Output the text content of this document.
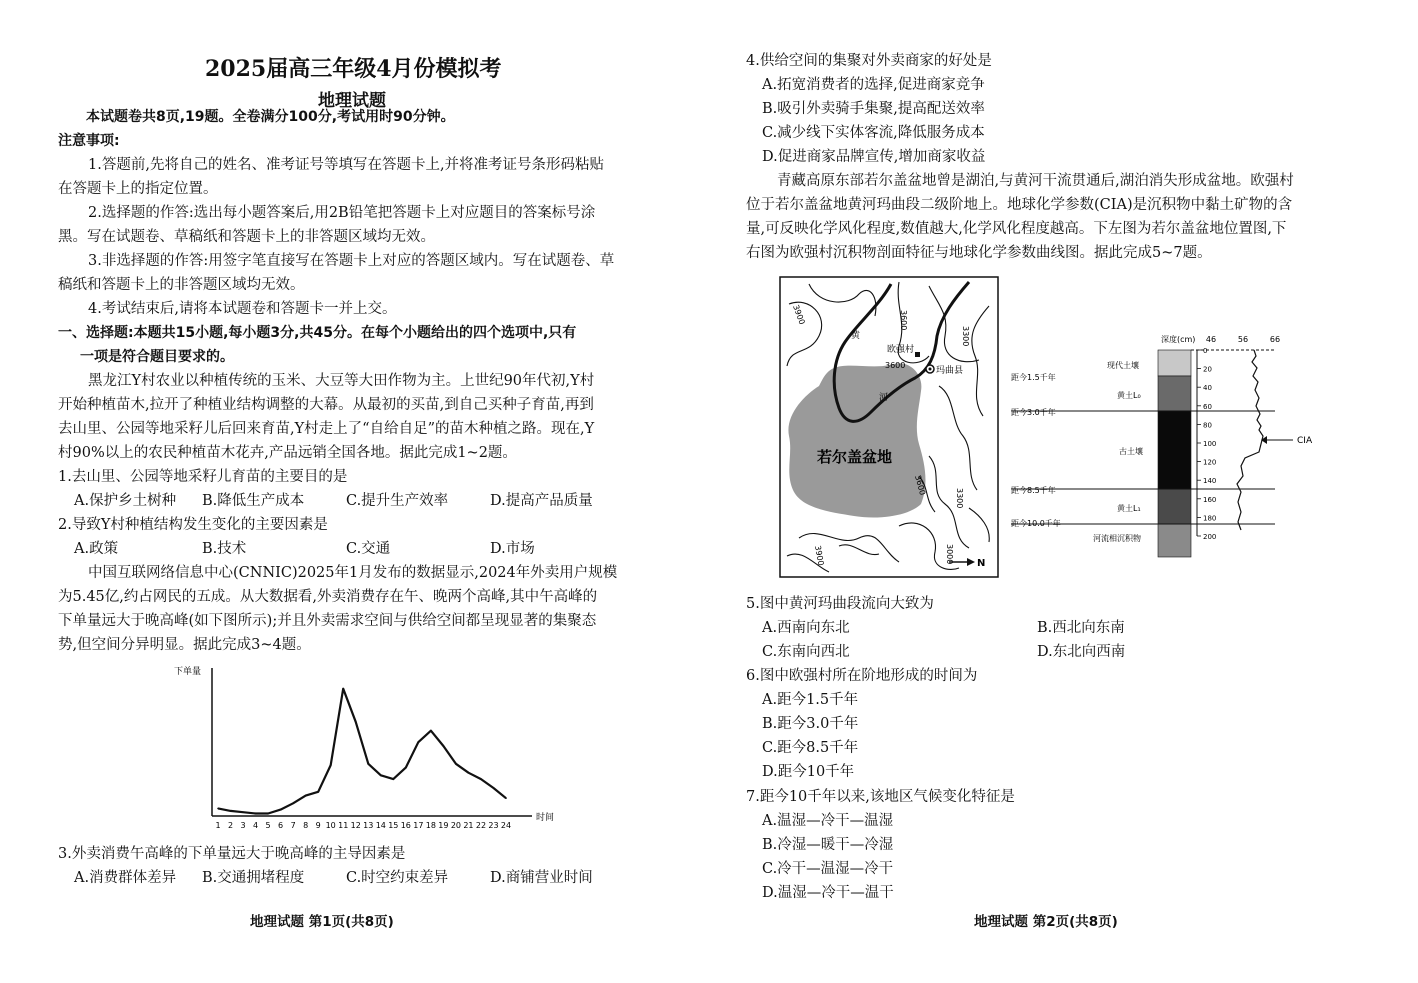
2025届高三年级4月份模拟考
地理试题
本试题卷共8页,19题。全卷满分100分,考试用时90分钟。
注意事项:
1.答题前,先将自己的姓名、准考证号等填写在答题卡上,并将准考证号条形码粘贴
在答题卡上的指定位置。
2.选择题的作答:选出每小题答案后,用2B铅笔把答题卡上对应题目的答案标号涂
黑。写在试题卷、草稿纸和答题卡上的非答题区域均无效。
3.非选择题的作答:用签字笔直接写在答题卡上对应的答题区域内。写在试题卷、草
稿纸和答题卡上的非答题区域均无效。
4.考试结束后,请将本试题卷和答题卡一并上交。
一、选择题:本题共15小题,每小题3分,共45分。在每个小题给出的四个选项中,只有
一项是符合题目要求的。
黑龙江Y村农业以种植传统的玉米、大豆等大田作物为主。上世纪90年代初,Y村
开始种植苗木,拉开了种植业结构调整的大幕。从最初的买苗,到自己买种子育苗,再到
去山里、公园等地采籽儿后回来育苗,Y村走上了“自给自足”的苗木种植之路。现在,Y
村90%以上的农民种植苗木花卉,产品远销全国各地。据此完成1~2题。
1.去山里、公园等地采籽儿育苗的主要目的是
A.保护乡土树种 B.降低生产成本	C.提升生产效率	D.提高产品质量
2.导致Y村种植结构发生变化的主要因素是
A.政策	B.技术	C.交通	D.市场
中国互联网络信息中心(CNNIC)2025年1月发布的数据显示,2024年外卖用户规模
为5.45亿,约占网民的五成。从大数据看,外卖消费存在午、晚两个高峰,其中午高峰的
下单量远大于晚高峰(如下图所示);并且外卖需求空间与供给空间都呈现显著的集聚态
势,但空间分异明显。据此完成3~4题。
下单量
时间
1 2 3 4 5 6 7 8 9 10 11 12 13 14 15 16 17 18 19 20 21 22 23 24
3.外卖消费午高峰的下单量远大于晚高峰的主导因素是
A.消费群体差异 B.交通拥堵程度	C.时空约束差异	D.商铺营业时间
地理试题 第1页(共8页)
4.供给空间的集聚对外卖商家的好处是
A.拓宽消费者的选择,促进商家竞争
B.吸引外卖骑手集聚,提高配送效率
C.减少线下实体客流,降低服务成本
D.促进商家品牌宣传,增加商家收益
青藏高原东部若尔盖盆地曾是湖泊,与黄河干流贯通后,湖泊消失形成盆地。欧强村
位于若尔盖盆地黄河玛曲段二级阶地上。地球化学参数(CIA)是沉积物中黏土矿物的含
量,可反映化学风化程度,数值越大,化学风化程度越高。下左图为若尔盖盆地位置图,下
右图为欧强村沉积物剖面特征与地球化学参数曲线图。据此完成5~7题。
欧强村
玛曲县
黄
河
若尔盖盆地
3900	3600
3600
3300
3600
3300
3900	3000 N
深度(cm) 46	56	66
0
20
40
60
80
100
120
140
160
180
200
CIA
现代土壤
黄土L₀
古土壤
黄土L₁
河流相沉积物
距今1.5千年
距今3.0千年
距今8.5千年
距今10.0千年
5.图中黄河玛曲段流向大致为
A.西南向东北	B.西北向东南
C.东南向西北	D.东北向西南
6.图中欧强村所在阶地形成的时间为
A.距今1.5千年
B.距今3.0千年
C.距今8.5千年
D.距今10千年
7.距今10千年以来,该地区气候变化特征是
A.温湿—冷干—温湿
B.冷湿—暖干—冷湿
C.冷干—温湿—冷干
D.温湿—冷干—温干
地理试题 第2页(共8页)
